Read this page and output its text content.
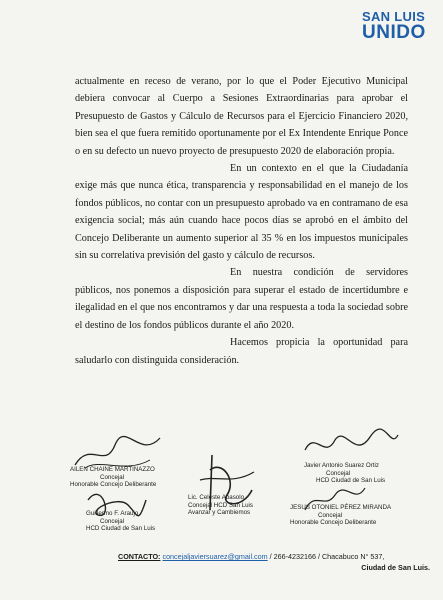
SAN LUIS
UNIDO

actualmente en receso de verano, por lo que el Poder Ejecutivo Municipal debiera convocar al Cuerpo a Sesiones Extraordinarias para aprobar el Presupuesto de Gastos y Cálculo de Recursos para el Ejercicio Financiero 2020, bien sea el que fuera remitido oportunamente por el Ex Intendente Enrique Ponce o en su defecto un nuevo proyecto de presupuesto 2020 de elaboración propia.

En un contexto en el que la Ciudadanía exige más que nunca ética, transparencia y responsabilidad en el manejo de los fondos públicos, no contar con un presupuesto aprobado va en contramano de esa exigencia social; más aún cuando hace pocos días se aprobó en el ámbito del Concejo Deliberante un aumento superior al 35 % en los impuestos municipales sin su correlativa previsión del gasto y cálculo de recursos.

En nuestra condición de servidores públicos, nos ponemos a disposición para superar el estado de incertidumbre e ilegalidad en el que nos encontramos y dar una respuesta a toda la sociedad sobre el destino de los fondos públicos durante el año 2020.

Hacemos propicia la oportunidad para saludarlo con distinguida consideración.

AILEN CHAINE MARTINAZZO
Concejal
Honorable Concejo Deliberante
Lic. Celeste Abasolo
Concejal HCD San Luis
Avanzar y Cambiemos
Javier Antonio Suarez Ortiz
Concejal
HCD Ciudad de San Luis
Guillermo F. Araujo
Concejal
HCD Ciudad de San Luis
JESUS OTONIEL PÉREZ MIRANDA
Concejal
Honorable Concejo Deliberante
CONTACTO: concejaljaviersuarez@gmail.com / 266-4232166 / Chacabuco N° 537,
Ciudad de San Luis.
